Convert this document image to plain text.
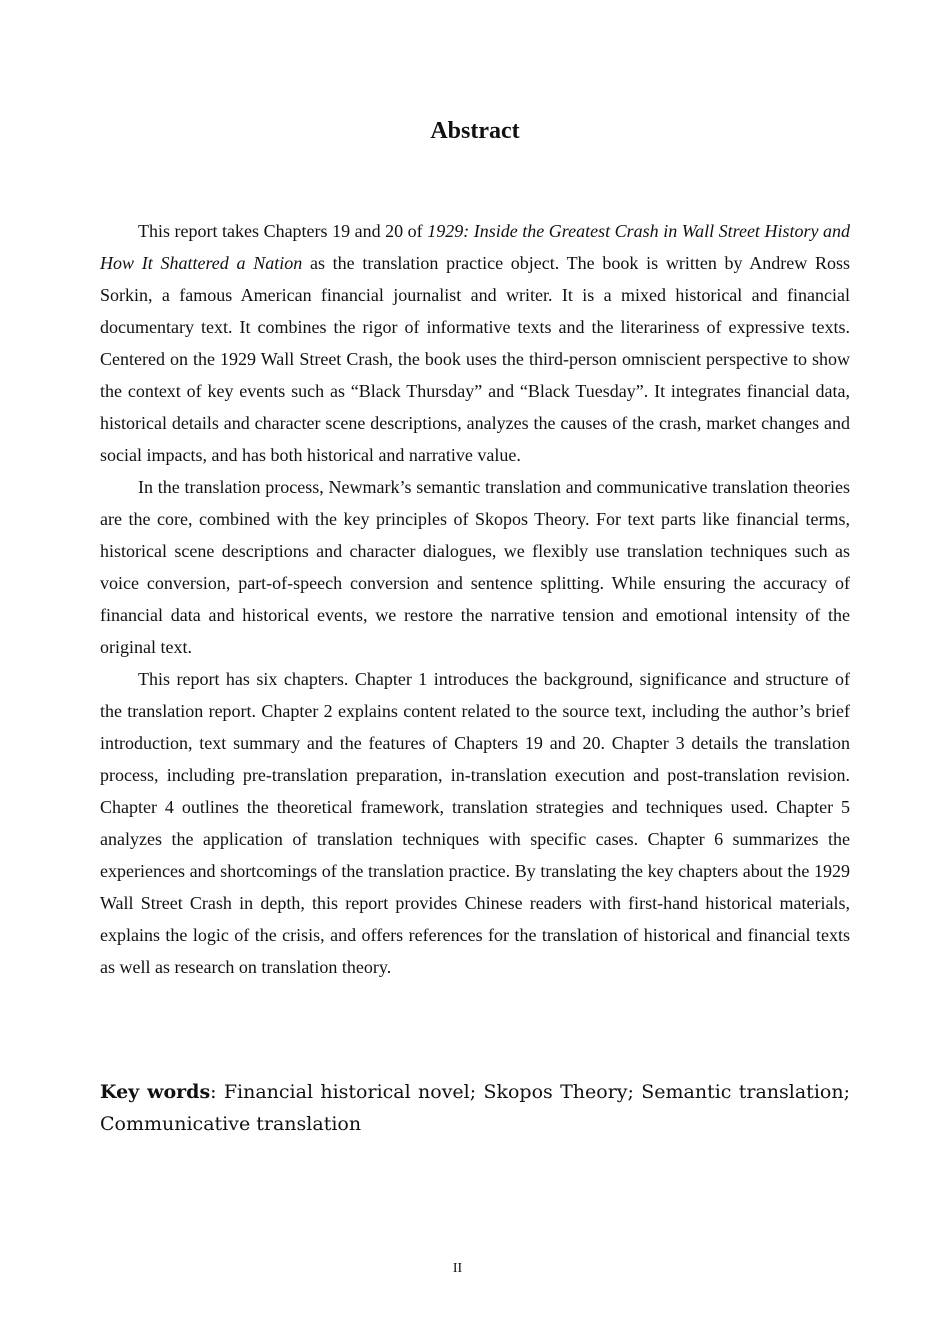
Abstract

This report takes Chapters 19 and 20 of 1929: Inside the Greatest Crash in Wall Street History and How It Shattered a Nation as the translation practice object. The book is written by Andrew Ross Sorkin, a famous American financial journalist and writer. It is a mixed historical and financial documentary text. It combines the rigor of informative texts and the literariness of expressive texts. Centered on the 1929 Wall Street Crash, the book uses the third-person omniscient perspective to show the context of key events such as “Black Thursday” and “Black Tuesday”. It integrates financial data, historical details and character scene descriptions, analyzes the causes of the crash, market changes and social impacts, and has both historical and narrative value.

In the translation process, Newmark’s semantic translation and communicative translation theories are the core, combined with the key principles of Skopos Theory. For text parts like financial terms, historical scene descriptions and character dialogues, we flexibly use translation techniques such as voice conversion, part-of-speech conversion and sentence splitting. While ensuring the accuracy of financial data and historical events, we restore the narrative tension and emotional intensity of the original text.

This report has six chapters. Chapter 1 introduces the background, significance and structure of the translation report. Chapter 2 explains content related to the source text, including the author’s brief introduction, text summary and the features of Chapters 19 and 20. Chapter 3 details the translation process, including pre-translation preparation, in-translation execution and post-translation revision. Chapter 4 outlines the theoretical framework, translation strategies and techniques used. Chapter 5 analyzes the application of translation techniques with specific cases. Chapter 6 summarizes the experiences and shortcomings of the translation practice. By translating the key chapters about the 1929 Wall Street Crash in depth, this report provides Chinese readers with first-hand historical materials, explains the logic of the crisis, and offers references for the translation of historical and financial texts as well as research on translation theory.

Key words: Financial historical novel; Skopos Theory; Semantic translation; Communicative translation

II
